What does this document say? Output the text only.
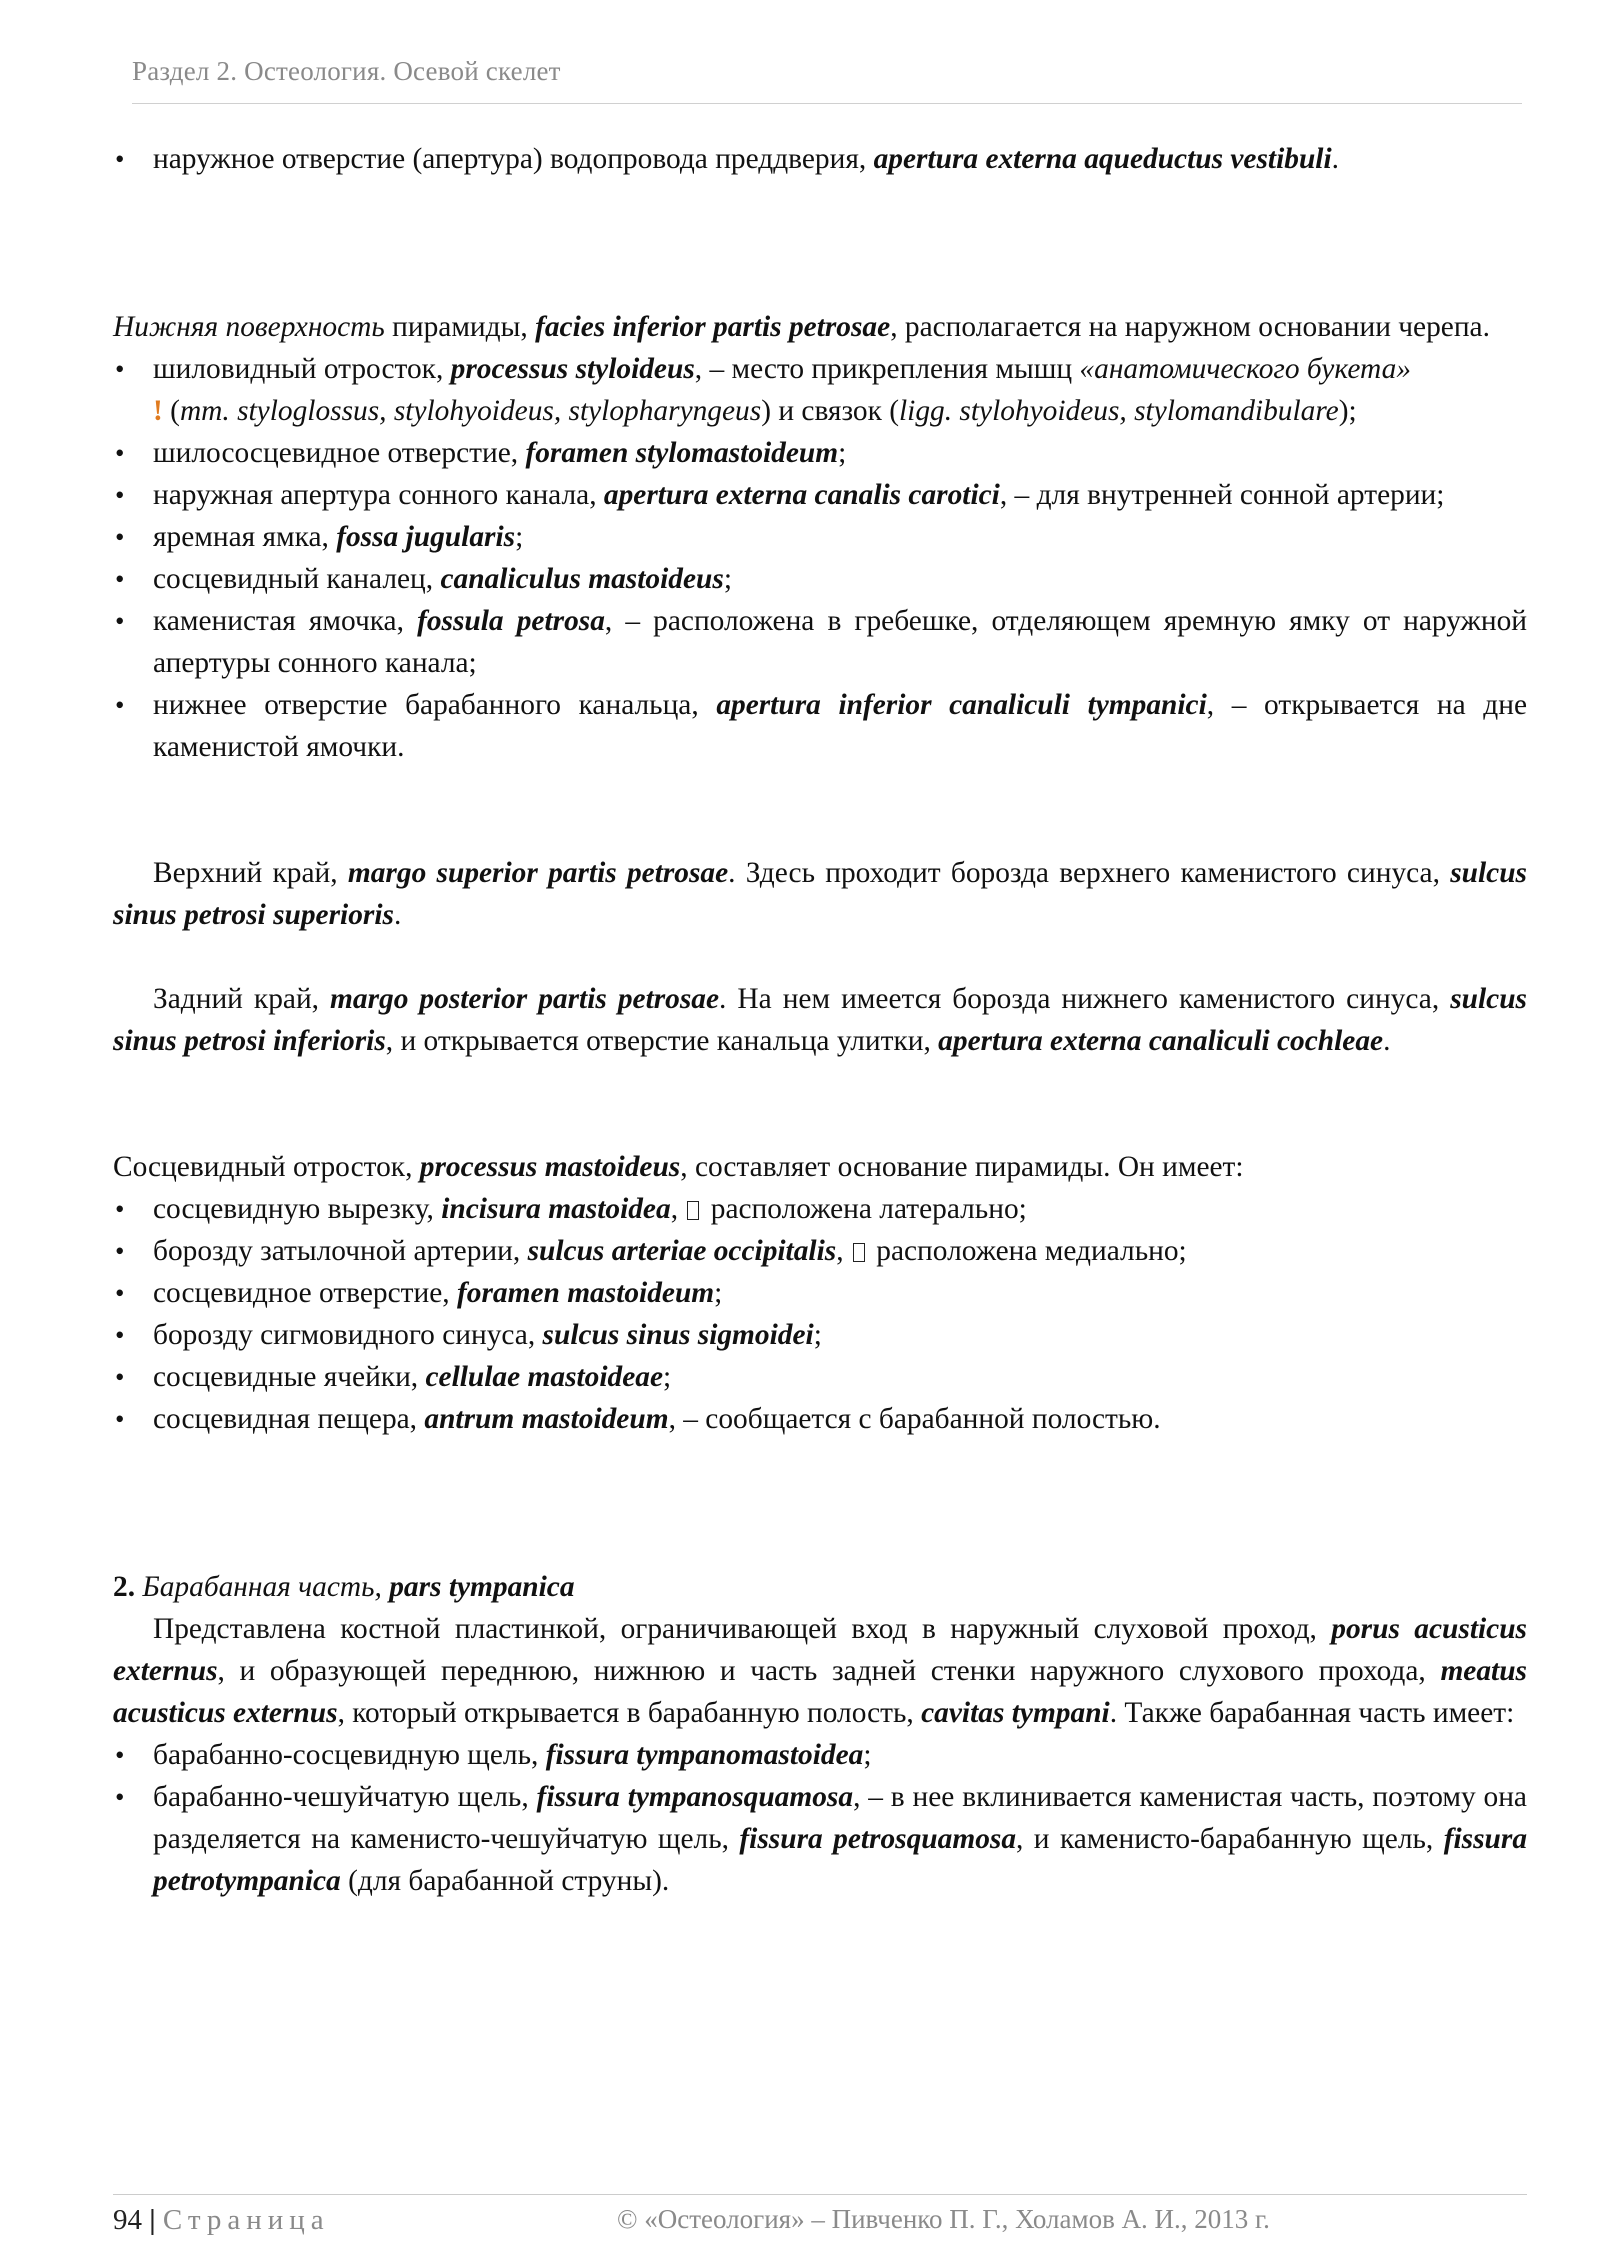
Раздел 2. Остеология. Осевой скелет
• наружное отверстие (апертура) водопровода преддверия, apertura externa aqueductus vestibuli.

Нижняя поверхность пирамиды, facies inferior partis petrosae, располагается на наружном основании черепа.

• шиловидный отросток, processus styloideus, – место прикрепления мышц «анатомического букета»
! (mm. styloglossus, stylohyoideus, stylopharyngeus) и связок (ligg. stylohyoideus, stylomandibulare);
• шилососцевидное отверстие, foramen stylomastoideum;
• наружная апертура сонного канала, apertura externa canalis carotici, – для внутренней сонной артерии;
• яремная ямка, fossa jugularis;
• сосцевидный каналец, canaliculus mastoideus;
• каменистая ямочка, fossula petrosa, – расположена в гребешке, отделяющем яремную ямку от наружной апертуры сонного канала;
• нижнее отверстие барабанного канальца, apertura inferior canaliculi tympanici, – открывается на дне каменистой ямочки.

Верхний край, margo superior partis petrosae. Здесь проходит борозда верхнего каменистого синуса, sulcus sinus petrosi superioris.

Задний край, margo posterior partis petrosae. На нем имеется борозда нижнего каменистого синуса, sulcus sinus petrosi inferioris, и открывается отверстие канальца улитки, apertura externa canaliculi cochleae.

Сосцевидный отросток, processus mastoideus, составляет основание пирамиды. Он имеет:

• сосцевидную вырезку, incisura mastoidea, расположена латерально;
• борозду затылочной артерии, sulcus arteriae occipitalis, расположена медиально;
• сосцевидное отверстие, foramen mastoideum;
• борозду сигмовидного синуса, sulcus sinus sigmoidei;
• сосцевидные ячейки, cellulae mastoideae;
• сосцевидная пещера, antrum mastoideum, – сообщается с барабанной полостью.

2. Барабанная часть, pars tympanica

Представлена костной пластинкой, ограничивающей вход в наружный слуховой проход, porus acusticus externus, и образующей переднюю, нижнюю и часть задней стенки наружного слухового прохода, meatus acusticus externus, который открывается в барабанную полость, cavitas tympani. Также барабанная часть имеет:

• барабанно-сосцевидную щель, fissura tympanomastoidea;
• барабанно-чешуйчатую щель, fissura tympanosquamosa, – в нее вклинивается каменистая часть, поэтому она разделяется на каменисто-чешуйчатую щель, fissura petrosquamosa, и каменисто-барабанную щель, fissura petrotympanica (для барабанной струны).
94 | Страница	© «Остеология» – Пивченко П. Г., Холамов А. И., 2013 г.
